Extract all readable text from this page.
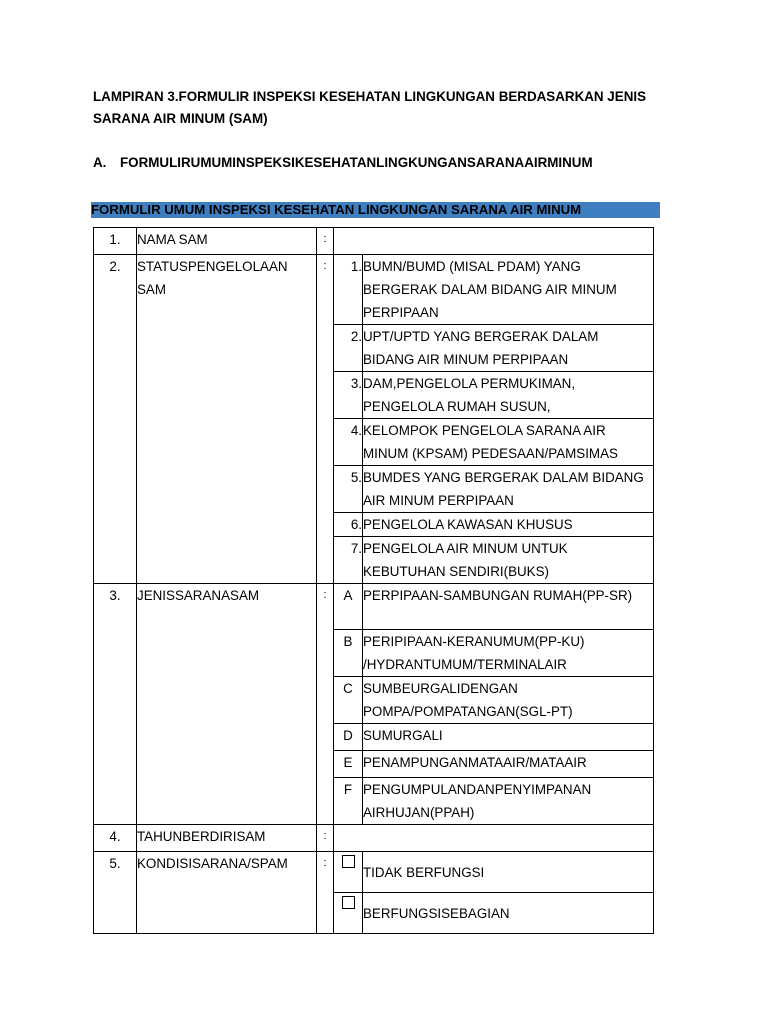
LAMPIRAN 3.FORMULIR INSPEKSI KESEHATAN LINGKUNGAN BERDASARKAN JENIS SARANA AIR MINUM (SAM)
A. FORMULIRUMUMINSPEKSIKESEHATANLINGKUNGANSARANAAIRMINUM
FORMULIR UMUM INSPEKSI KESEHATAN LINGKUNGAN SARANA AIR MINUM
1.	NAMA SAM	:		
2.	STATUSPENGELOLAAN SAM	:	1.	BUMN/BUMD (MISAL PDAM) YANG BERGERAK DALAM BIDANG AIR MINUM PERPIPAAN
			2.	UPT/UPTD YANG BERGERAK DALAM BIDANG AIR MINUM PERPIPAAN
			3.	DAM,PENGELOLA PERMUKIMAN, PENGELOLA RUMAH SUSUN,
			4.	KELOMPOK PENGELOLA SARANA AIR MINUM (KPSAM) PEDESAAN/PAMSIMAS
			5.	BUMDES YANG BERGERAK DALAM BIDANG AIR MINUM PERPIPAAN
			6.	PENGELOLA KAWASAN KHUSUS
			7.	PENGELOLA AIR MINUM UNTUK KEBUTUHAN SENDIRI(BUKS)
3.	JENISSARANASAM	:	A	PERPIPAAN-SAMBUNGAN RUMAH(PP-SR)
			B	PERIPIPAAN-KERANUMUM(PP-KU) /HYDRANTUMUM/TERMINALAIR
			C	SUMBEURGALIDENGAN POMPA/POMPATANGAN(SGL-PT)
			D	SUMURGALI
			E	PENAMPUNGANMATAAIR/MATAAIR
			F	PENGUMPULANDANPENYIMPANAN AIRHUJAN(PPAH)
4.	TAHUNBERDIRISAM	:		
5.	KONDISISARANA/SPAM	:		TIDAK BERFUNGSI
				BERFUNGSISEBAGIAN
